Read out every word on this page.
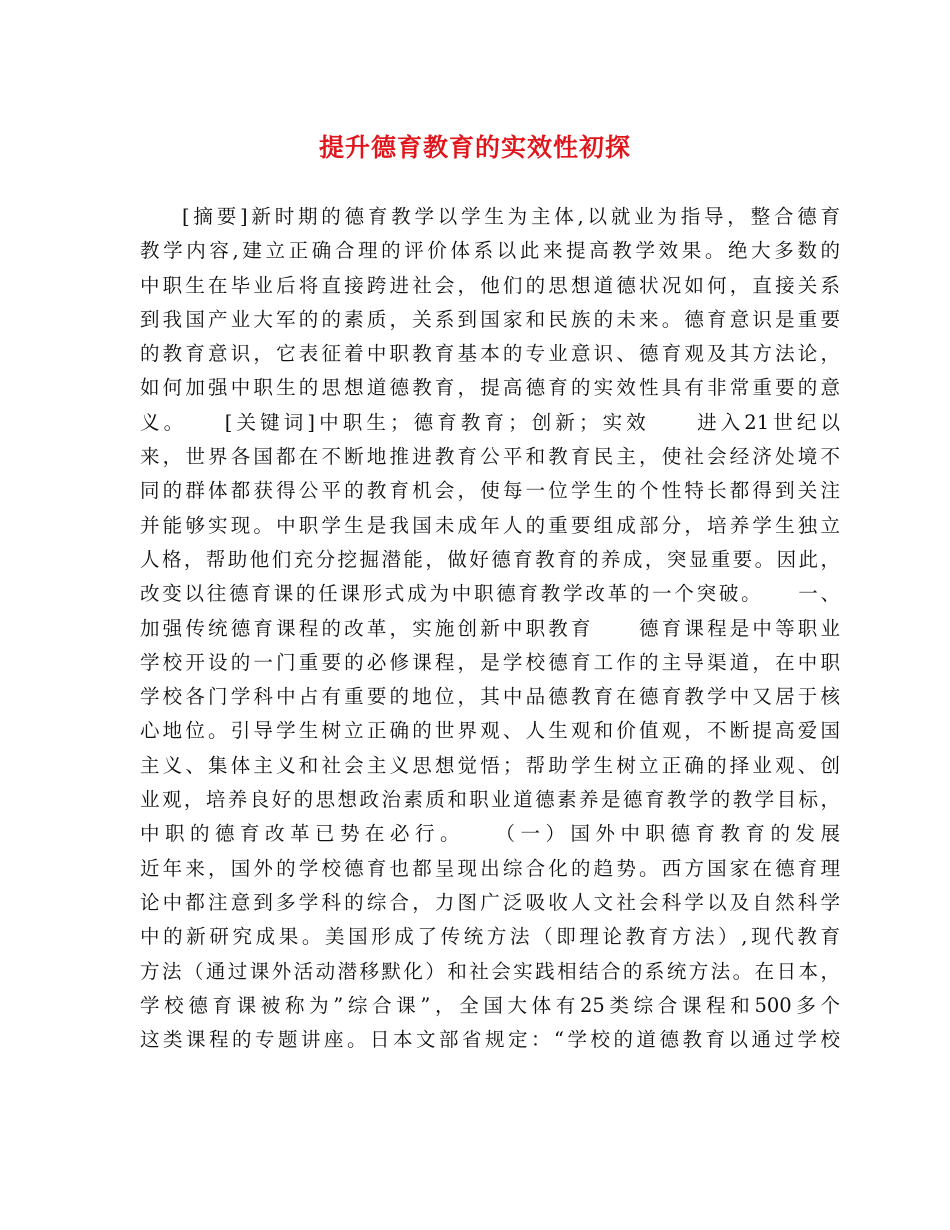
提升德育教育的实效性初探
[摘要]新时期的德育教学以学生为主体,以就业为指导，整合德育
教学内容,建立正确合理的评价体系以此来提高教学效果。绝大多数的
中职生在毕业后将直接跨进社会，他们的思想道德状况如何，直接关系
到我国产业大军的的素质，关系到国家和民族的未来。德育意识是重要
的教育意识，它表征着中职教育基本的专业意识、德育观及其方法论，
如何加强中职生的思想道德教育，提高德育的实效性具有非常重要的意
义。　　[关键词]中职生；德育教育；创新；实效　　进入21世纪以
来，世界各国都在不断地推进教育公平和教育民主，使社会经济处境不
同的群体都获得公平的教育机会，使每一位学生的个性特长都得到关注
并能够实现。中职学生是我国未成年人的重要组成部分，培养学生独立
人格，帮助他们充分挖掘潜能，做好德育教育的养成，突显重要。因此，
改变以往德育课的任课形式成为中职德育教学改革的一个突破。　　一、
加强传统德育课程的改革，实施创新中职教育　　德育课程是中等职业
学校开设的一门重要的必修课程，是学校德育工作的主导渠道，在中职
学校各门学科中占有重要的地位，其中品德教育在德育教学中又居于核
心地位。引导学生树立正确的世界观、人生观和价值观，不断提高爱国
主义、集体主义和社会主义思想觉悟；帮助学生树立正确的择业观、创
业观，培养良好的思想政治素质和职业道德素养是德育教学的教学目标，
中职的德育改革已势在必行。　　（一）国外中职德育教育的发展
近年来，国外的学校德育也都呈现出综合化的趋势。西方国家在德育理
论中都注意到多学科的综合，力图广泛吸收人文社会科学以及自然科学
中的新研究成果。美国形成了传统方法（即理论教育方法）,现代教育
方法（通过课外活动潜移默化）和社会实践相结合的系统方法。在日本，
学校德育课被称为”综合课”，全国大体有25类综合课程和500多个
这类课程的专题讲座。日本文部省规定：“学校的道德教育以通过学校
